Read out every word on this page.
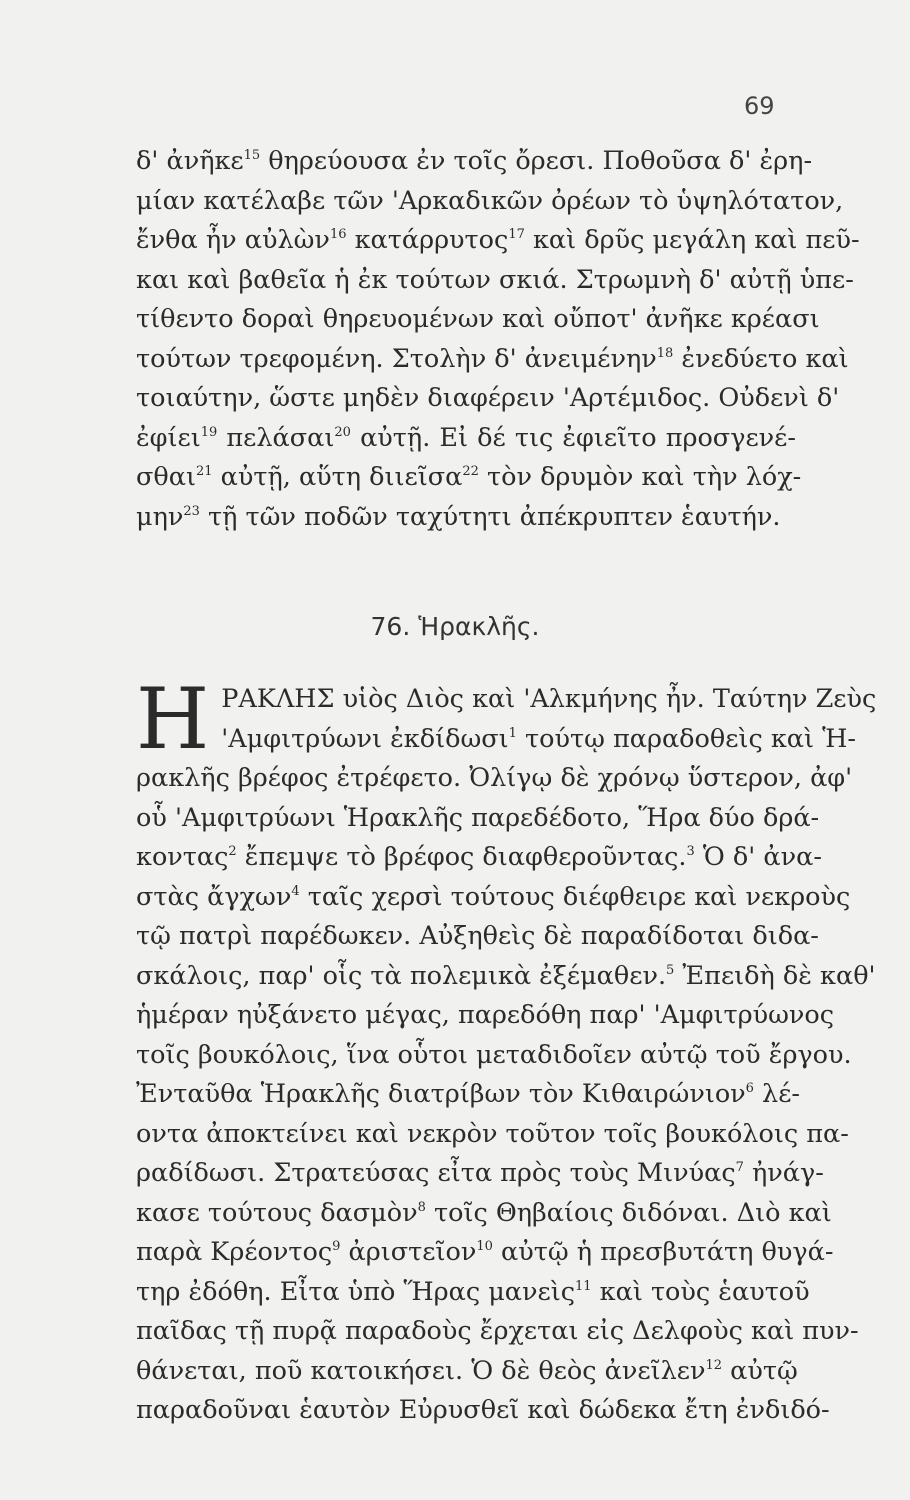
69
δ' ἀνῆκε$^{15}$ θηρεύουσα ἐν τοῖς ὄρεσι. Ποθοῦσα δ' ἐρη-
μίαν κατέλαβε τῶν 'Αρκαδικῶν ὀρέων τὸ ὑψηλότατον,
ἔνθα ἦν αὐλὼν$^{16}$ κατάρρυτος$^{17}$ καὶ δρῦς μεγάλη καὶ πεῦ-
και καὶ βαθεῖα ἡ ἐκ τούτων σκιά. Στρωμνὴ δ' αὐτῇ ὑπε-
τίθεντο δοραὶ θηρευομένων καὶ οὔποτ' ἀνῆκε κρέασι
τούτων τρεφομένη. Στολὴν δ' ἀνειμένην$^{18}$ ἐνεδύετο καὶ
τοιαύτην, ὥστε μηδὲν διαφέρειν 'Αρτέμιδος. Οὐδενὶ δ'
ἐφίει$^{19}$ πελάσαι$^{20}$ αὐτῇ. Εἰ δέ τις ἐφιεῖτο προσγενέ-
σθαι$^{21}$ αὐτῇ, αὕτη διιεῖσα$^{22}$ τὸν δρυμὸν καὶ τὴν λόχ-
μην$^{23}$ τῇ τῶν ποδῶν ταχύτητι ἀπέκρυπτεν ἑαυτήν.
76. Ἡρακλῆς.
Η ΡΑΚΛΗΣ υἱὸς Διὸς καὶ 'Αλκμήνης ἦν. Ταύτην Ζεὺς
'Αμφιτρύωνι ἐκδίδωσι$^1$ τούτῳ παραδοθεὶς καὶ Ἡ-
ρακλῆς βρέφος ἐτρέφετο. Ὀλίγῳ δὲ χρόνῳ ὕστερον, ἀφ'
οὗ 'Αμφιτρύωνι Ἡρακλῆς παρεδέδοτο, Ἥρα δύο δρά-
κοντας$^2$ ἔπεμψε τὸ βρέφος διαφθεροῦντας.$^3$ Ὁ δ' ἀνα-
στὰς ἄγχων$^4$ ταῖς χερσὶ τούτους διέφθειρε καὶ νεκροὺς
τῷ πατρὶ παρέδωκεν. Αὐξηθεὶς δὲ παραδίδοται διδα-
σκάλοις, παρ' οἷς τὰ πολεμικὰ ἐξέμαθεν.$^5$ Ἐπειδὴ δὲ καθ'
ἡμέραν ηὐξάνετο μέγας, παρεδόθη παρ' 'Αμφιτρύωνος
τοῖς βουκόλοις, ἵνα οὗτοι μεταδιδοῖεν αὐτῷ τοῦ ἔργου.
Ἐνταῦθα Ἡρακλῆς διατρίβων τὸν Κιθαιρώνιον$^6$ λέ-
οντα ἀποκτείνει καὶ νεκρὸν τοῦτον τοῖς βουκόλοις πα-
ραδίδωσι. Στρατεύσας εἶτα πρὸς τοὺς Μινύας$^7$ ἠνάγ-
κασε τούτους δασμὸν$^8$ τοῖς Θηβαίοις διδόναι. Διὸ καὶ
παρὰ Κρέοντος$^9$ ἀριστεῖον$^{10}$ αὐτῷ ἡ πρεσβυτάτη θυγά-
τηρ ἐδόθη. Εἶτα ὑπὸ Ἥρας μανεὶς$^{11}$ καὶ τοὺς ἑαυτοῦ
παῖδας τῇ πυρᾷ παραδοὺς ἔρχεται εἰς Δελφοὺς καὶ πυν-
θάνεται, ποῦ κατοικήσει. Ὁ δὲ θεὸς ἀνεῖλεν$^{12}$ αὐτῷ
παραδοῦναι ἑαυτὸν Εὐρυσθεῖ καὶ δώδεκα ἔτη ἐνδιδό-
